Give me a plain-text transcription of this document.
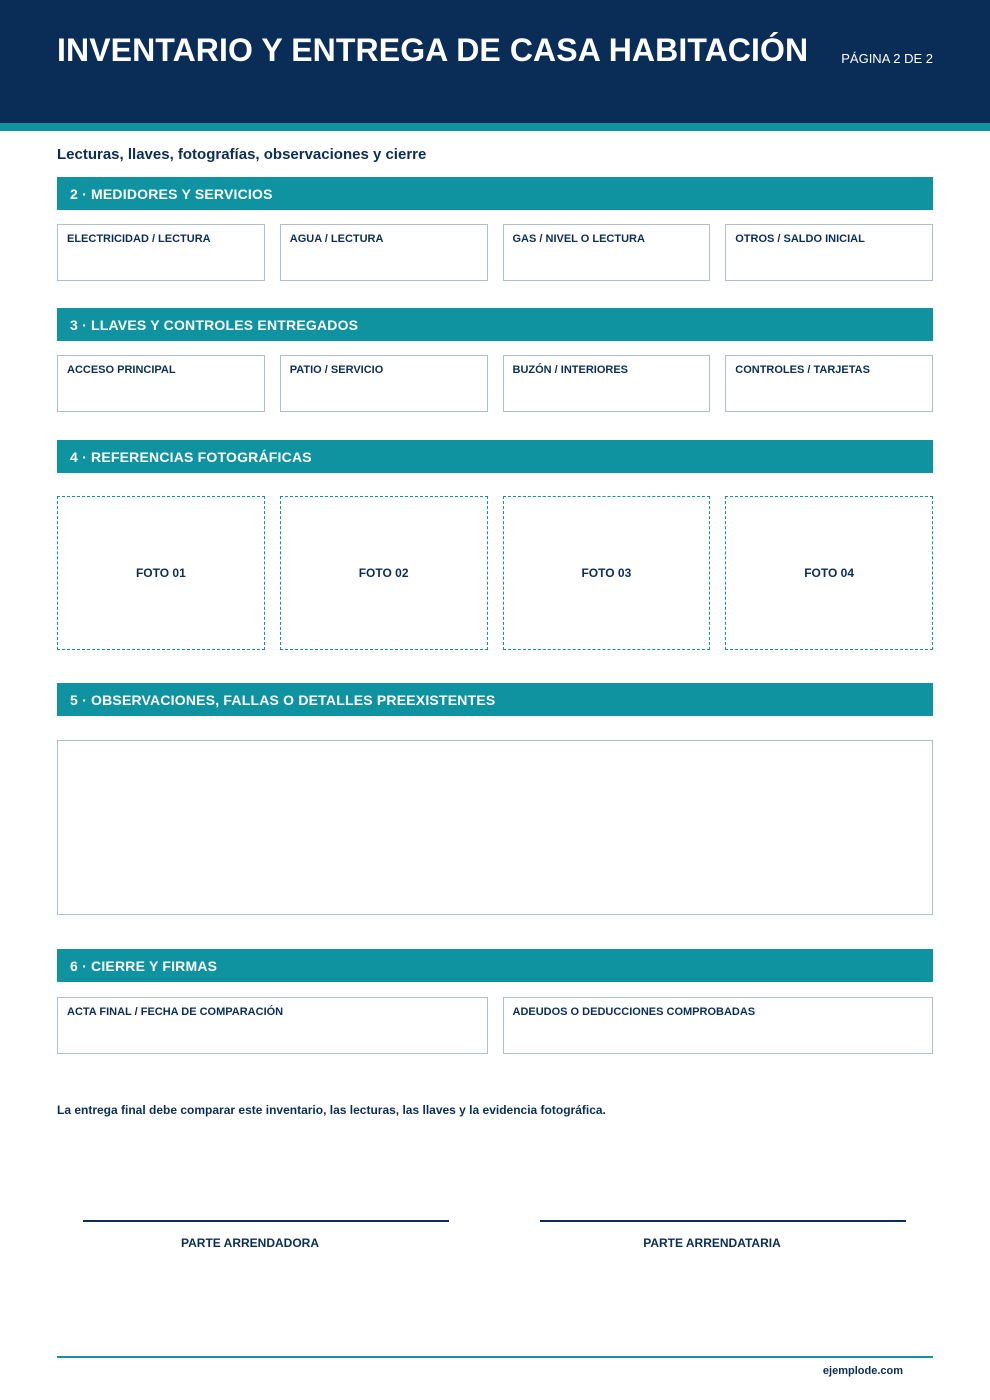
INVENTARIO Y ENTREGA DE CASA HABITACIÓN	PÁGINA 2 DE 2
Lecturas, llaves, fotografías, observaciones y cierre
2 · MEDIDORES Y SERVICIOS
ELECTRICIDAD / LECTURA	AGUA / LECTURA	GAS / NIVEL O LECTURA	OTROS / SALDO INICIAL
3 · LLAVES Y CONTROLES ENTREGADOS
ACCESO PRINCIPAL	PATIO / SERVICIO	BUZÓN / INTERIORES	CONTROLES / TARJETAS
4 · REFERENCIAS FOTOGRÁFICAS
FOTO 01	FOTO 02	FOTO 03	FOTO 04
5 · OBSERVACIONES, FALLAS O DETALLES PREEXISTENTES
6 · CIERRE Y FIRMAS
ACTA FINAL / FECHA DE COMPARACIÓN	ADEUDOS O DEDUCCIONES COMPROBADAS
La entrega final debe comparar este inventario, las lecturas, las llaves y la evidencia fotográfica.
PARTE ARRENDADORA	PARTE ARRENDATARIA
ejemplode.com
